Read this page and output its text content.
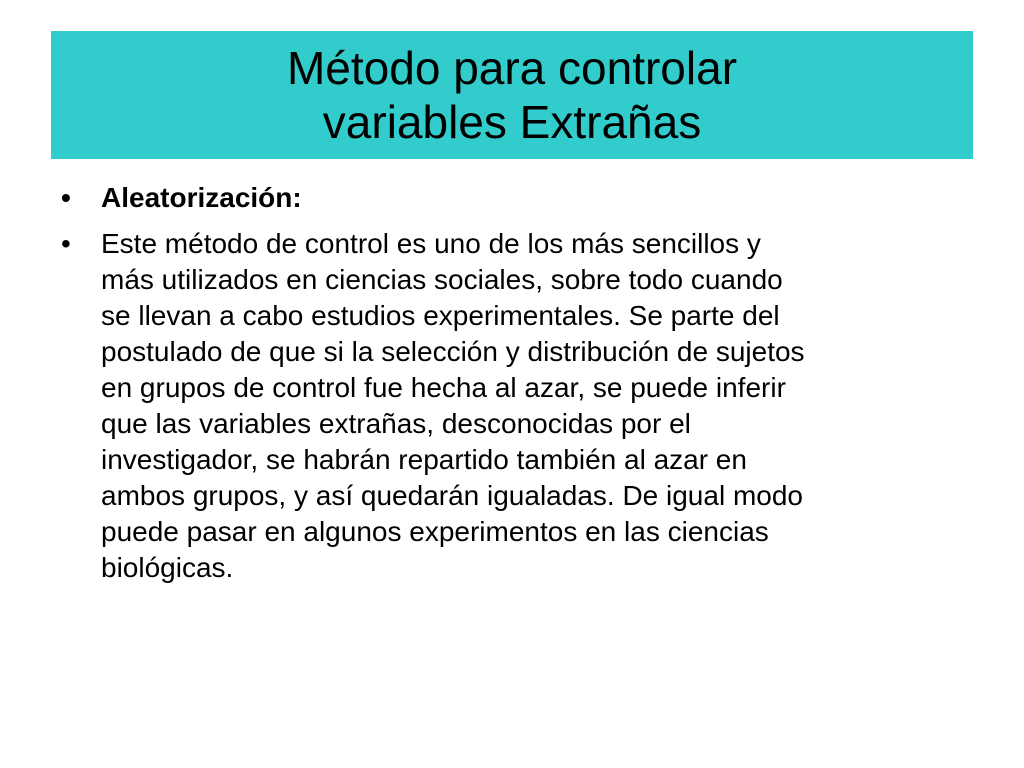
Método para controlar
variables Extrañas
• Aleatorización:
• Este método de control es uno de los más sencillos y
más utilizados en ciencias sociales, sobre todo cuando
se llevan a cabo estudios experimentales. Se parte del
postulado de que si la selección y distribución de sujetos
en grupos de control fue hecha al azar, se puede inferir
que las variables extrañas, desconocidas por el
investigador, se habrán repartido también al azar en
ambos grupos, y así quedarán igualadas. De igual modo
puede pasar en algunos experimentos en las ciencias
biológicas.
